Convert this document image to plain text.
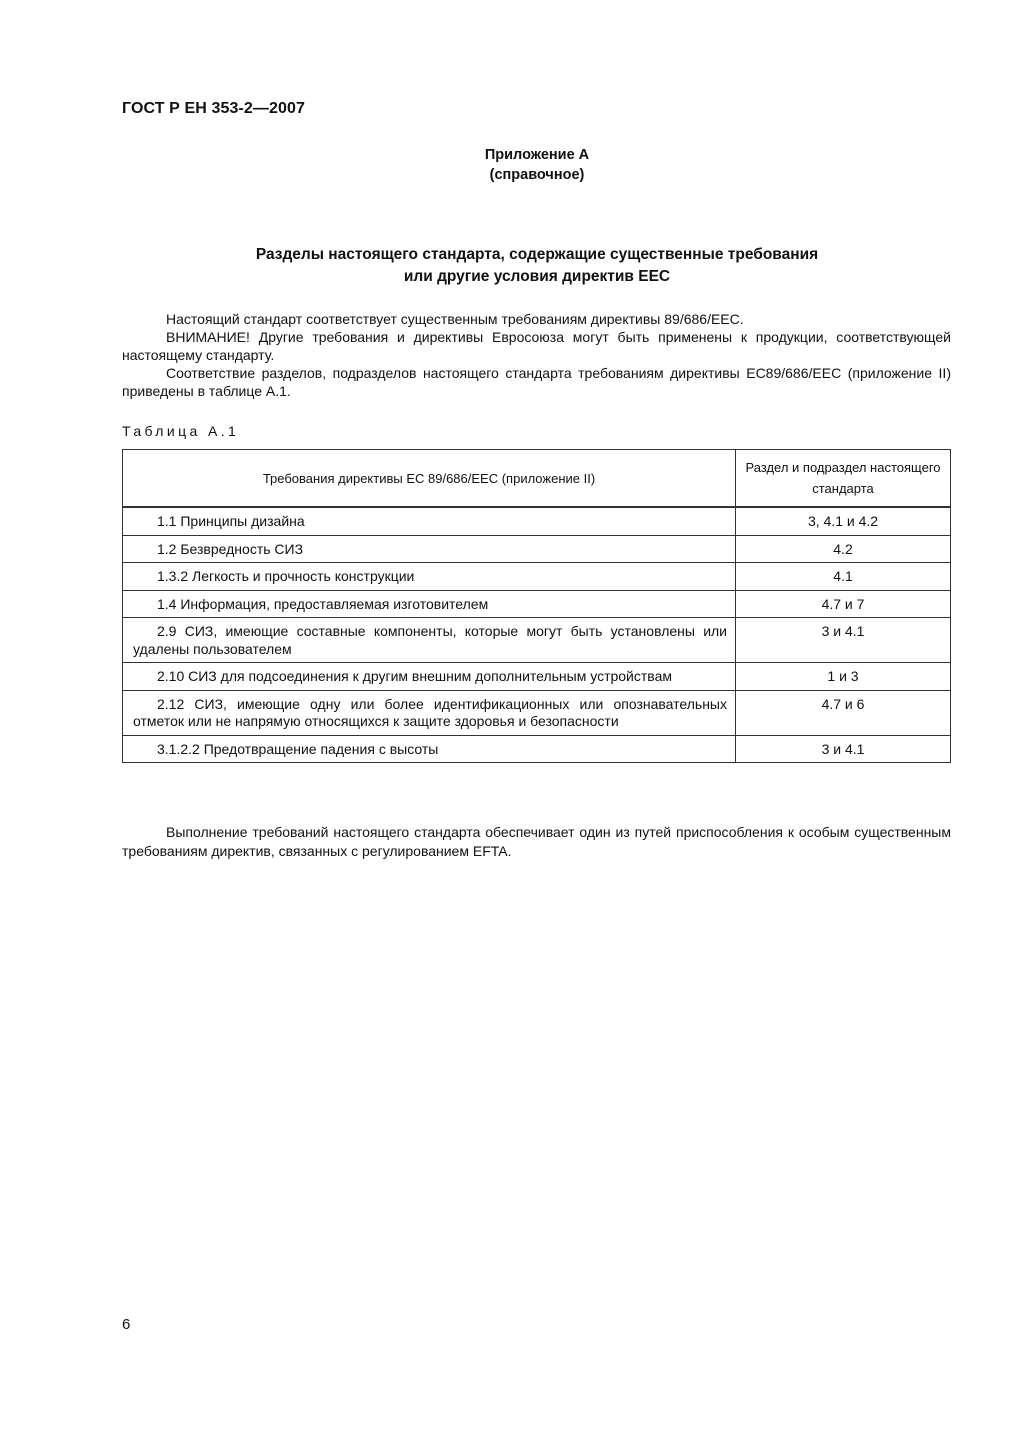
ГОСТ Р ЕН 353-2—2007
Приложение А
(справочное)
Разделы настоящего стандарта, содержащие существенные требования
или другие условия директив ЕЕС

Настоящий стандарт соответствует существенным требованиям директивы 89/686/ЕЕС.

ВНИМАНИЕ! Другие требования и директивы Евросоюза могут быть применены к продукции, соответствующей настоящему стандарту.

Соответствие разделов, подразделов настоящего стандарта требованиям директивы ЕС89/686/ЕЕС (приложение II) приведены в таблице А.1.

Таблица А.1
Требования директивы ЕС 89/686/ЕЕС (приложение II)	Раздел и подраздел настоящего стандарта
1.1 Принципы дизайна	3, 4.1 и 4.2
1.2 Безвредность СИЗ	4.2
1.3.2 Легкость и прочность конструкции	4.1
1.4 Информация, предоставляемая изготовителем	4.7 и 7
2.9 СИЗ, имеющие составные компоненты, которые могут быть установлены или удалены пользователем	3 и 4.1
2.10 СИЗ для подсоединения к другим внешним дополнительным устройствам	1 и 3
2.12 СИЗ, имеющие одну или более идентификационных или опознавательных отметок или не напрямую относящихся к защите здоровья и безопасности	4.7 и 6
3.1.2.2 Предотвращение падения с высоты	3 и 4.1

Выполнение требований настоящего стандарта обеспечивает один из путей приспособления к особым существенным требованиям директив, связанных с регулированием EFTA.

6
